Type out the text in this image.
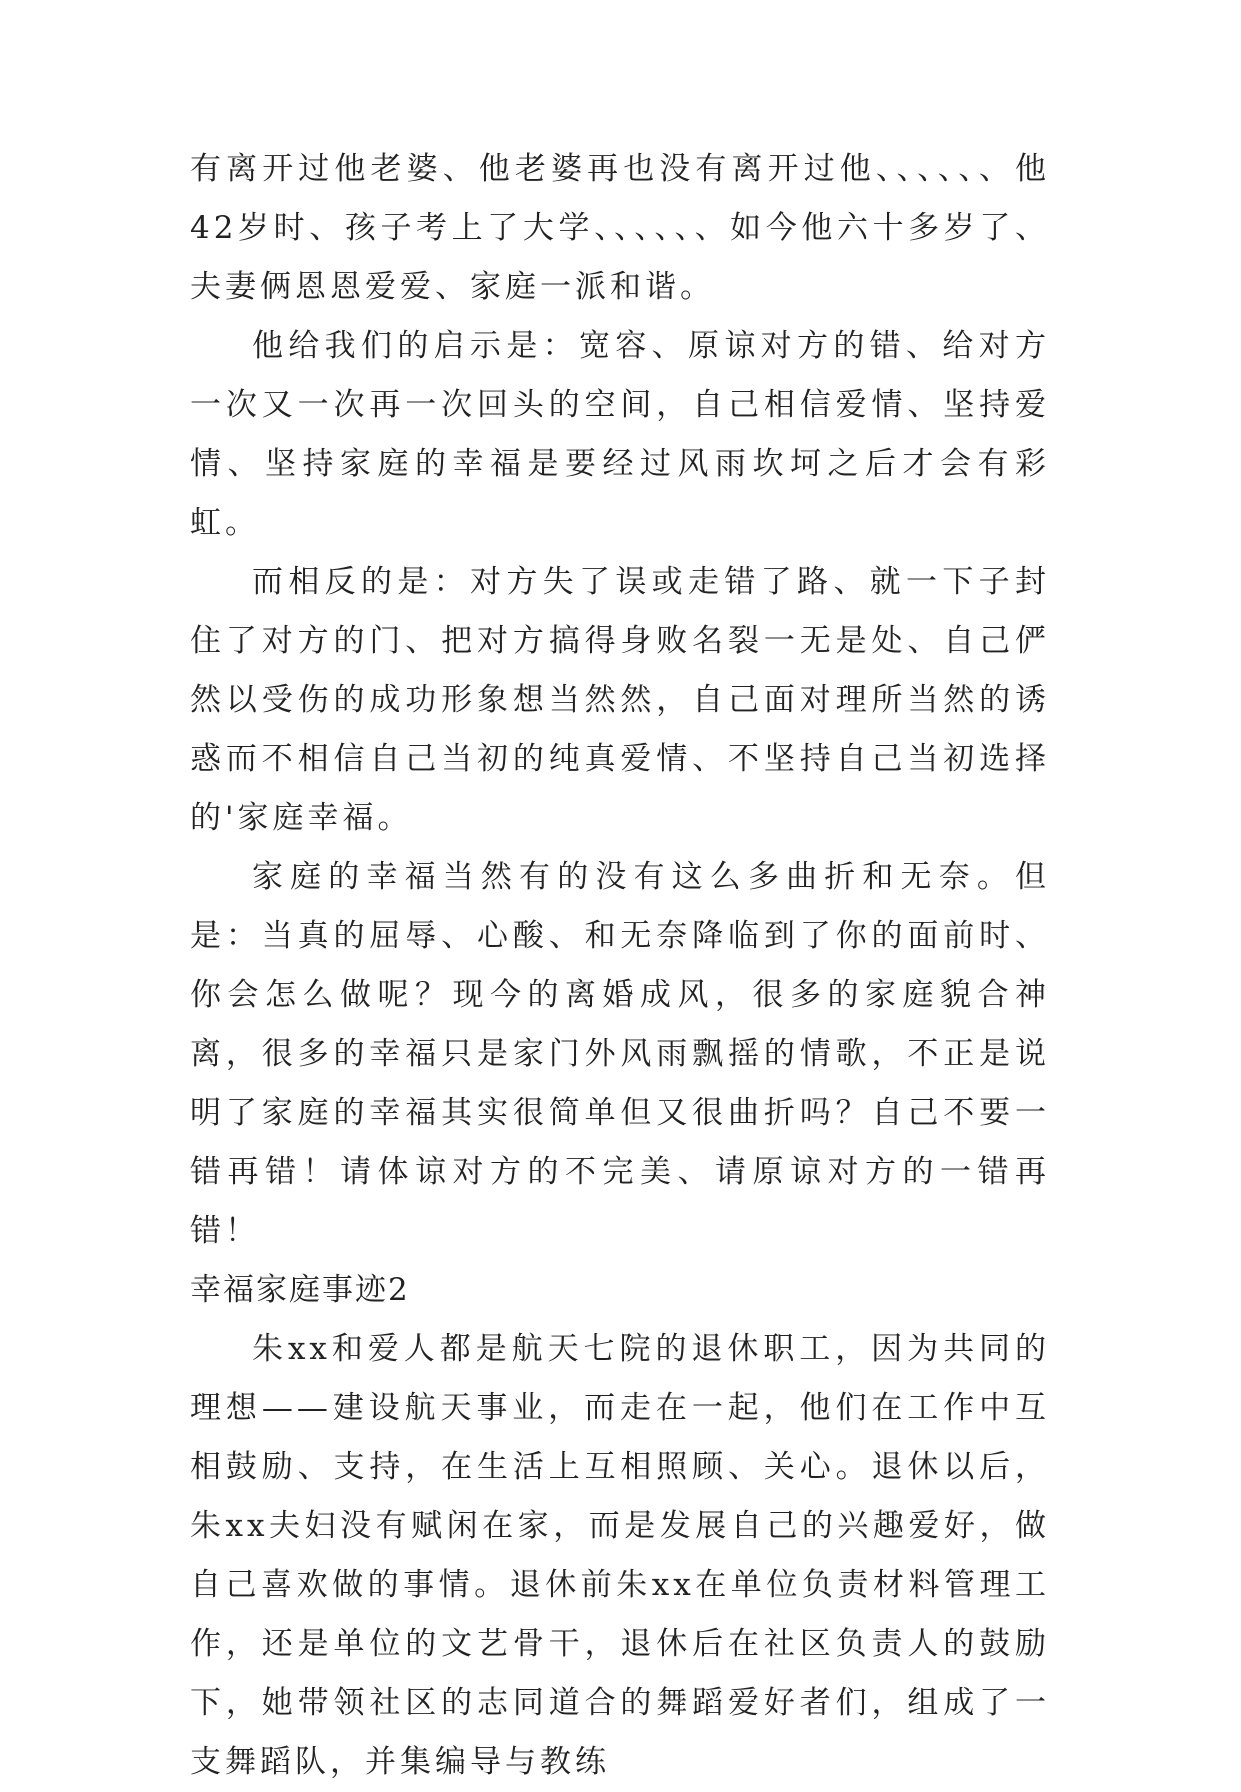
有离开过他老婆、他老婆再也没有离开过他、、、、、、他42岁时、孩子考上了大学、、、、、、如今他六十多岁了、夫妻俩恩恩爱爱、家庭一派和谐。

他给我们的启示是：宽容、原谅对方的错、给对方一次又一次再一次回头的空间，自己相信爱情、坚持爱情、坚持家庭的幸福是要经过风雨坎坷之后才会有彩虹。

而相反的是：对方失了误或走错了路、就一下子封住了对方的门、把对方搞得身败名裂一无是处、自己俨然以受伤的成功形象想当然然，自己面对理所当然的诱惑而不相信自己当初的纯真爱情、不坚持自己当初选择的'家庭幸福。

家庭的幸福当然有的没有这么多曲折和无奈。但是：当真的屈辱、心酸、和无奈降临到了你的面前时、你会怎么做呢？现今的离婚成风，很多的家庭貌合神离，很多的幸福只是家门外风雨飘摇的情歌，不正是说明了家庭的幸福其实很简单但又很曲折吗？自己不要一错再错！请体谅对方的不完美、请原谅对方的一错再错！

幸福家庭事迹2

朱xx和爱人都是航天七院的退休职工，因为共同的理想——建设航天事业，而走在一起，他们在工作中互相鼓励、支持，在生活上互相照顾、关心。退休以后，朱xx夫妇没有赋闲在家，而是发展自己的兴趣爱好，做自己喜欢做的事情。退休前朱xx在单位负责材料管理工作，还是单位的文艺骨干，退休后在社区负责人的鼓励下，她带领社区的志同道合的舞蹈爱好者们，组成了一支舞蹈队，并集编导与教练
